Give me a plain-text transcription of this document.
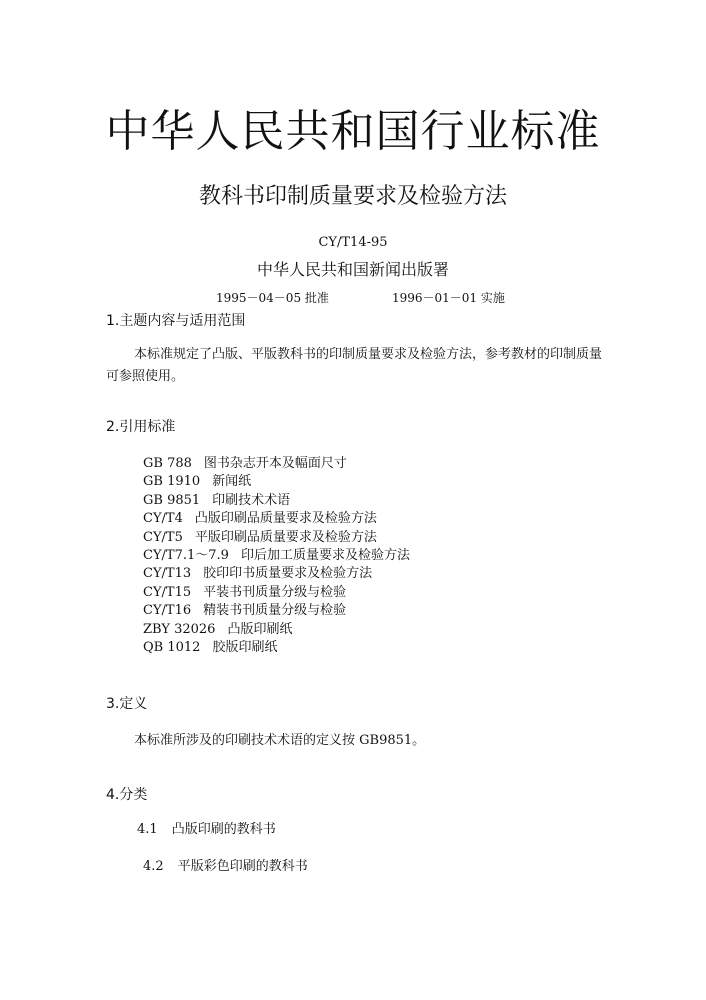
中华人民共和国行业标准
教科书印制质量要求及检验方法
CY/T14-95
中华人民共和国新闻出版署
1995－04－05 批准	1996－01－01 实施
1.主题内容与适用范围

本标准规定了凸版、平版教科书的印制质量要求及检验方法，参考教材的印制质量可参照使用。

2.引用标准
GB 788 图书杂志开本及幅面尺寸
GB 1910 新闻纸
GB 9851 印刷技术术语
CY/T4 凸版印刷品质量要求及检验方法
CY/T5 平版印刷品质量要求及检验方法
CY/T7.1～7.9 印后加工质量要求及检验方法
CY/T13 胶印印书质量要求及检验方法
CY/T15 平装书刊质量分级与检验
CY/T16 精装书刊质量分级与检验
ZBY 32026 凸版印刷纸
QB 1012 胶版印刷纸
3.定义

本标准所涉及的印刷技术术语的定义按 GB9851。

4.分类
4.1 凸版印刷的教科书
4.2 平版彩色印刷的教科书
